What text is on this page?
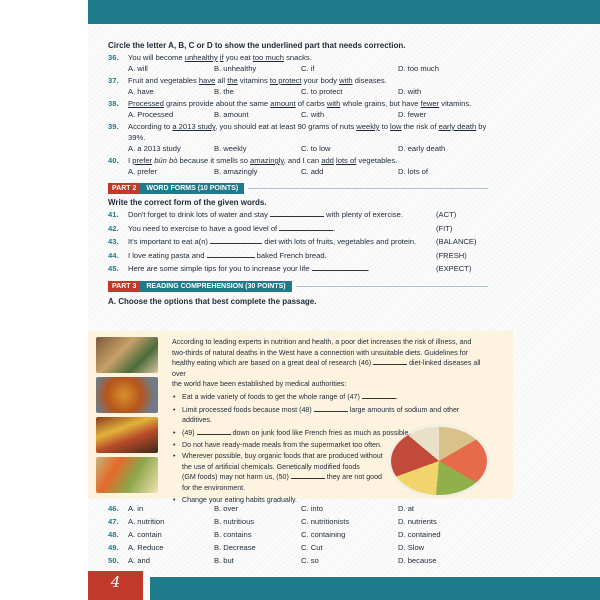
Circle the letter A, B, C or D to show the underlined part that needs correction.
36. You will become unhealthy if you eat too much snacks.
A. will	B. unhealthy	C. if	D. too much
37. Fruit and vegetables have all the vitamins to protect your body with diseases.
A. have	B. the	C. to protect	D. with
38. Processed grains provide about the same amount of carbs with whole grains, but have fewer vitamins.
A. Processed	B. amount	C. with	D. fewer
39. According to a 2013 study, you should eat at least 90 grams of nuts weekly to low the risk of early death by 39%.
A. a 2013 study	B. weekly	C. to low	D. early death
40. I prefer bún bò because it smells so amazingly, and I can add lots of vegetables.
A. prefer	B. amazingly	C. add	D. lots of
PART 2	WORD FORMS (10 POINTS)
Write the correct form of the given words.
41. Don't forget to drink lots of water and stay	with plenty of exercise.	(ACT)
42. You need to exercise to have a good level of	.	(FIT)
43. It's important to eat a(n)	diet with lots of fruits, vegetables and protein.	(BALANCE)
44. I love eating pasta and	baked French bread.	(FRESH)
45. Here are some simple tips for you to increase your life	.	(EXPECT)
PART 3	READING COMPREHENSION (30 POINTS)
A. Choose the options that best complete the passage.

According to leading experts in nutrition and health, a poor diet increases the risk of illness, and

two-thirds of natural deaths in the West have a connection with unsuitable diets. Guidelines for

healthy eating which are based on a great deal of research (46)	diet-linked diseases all over

the world have been established by medical authorities:

• Eat a wide variety of foods to get the whole range of (47)	.
• Limit processed foods because most (48)	large amounts of sodium and other additives.
• (49)	down on junk food like French fries as much as possible.
• Do not have ready-made meals from the supermarket too often.

• Wherever possible, buy organic foods that are produced without

the use of artificial chemicals. Genetically modified foods

(GM foods) may not harm us, (50)	they are not good

for the environment.

• Change your eating habits gradually.
46. A. in	B. over	C. into	D. at
47. A. nutrition	B. nutritious	C. nutritionists	D. nutrients
48. A. contain	B. contains	C. containing	D. contained
49. A. Reduce	B. Decrease	C. Cut	D. Slow
50. A. and	B. but	C. so	D. because
4
